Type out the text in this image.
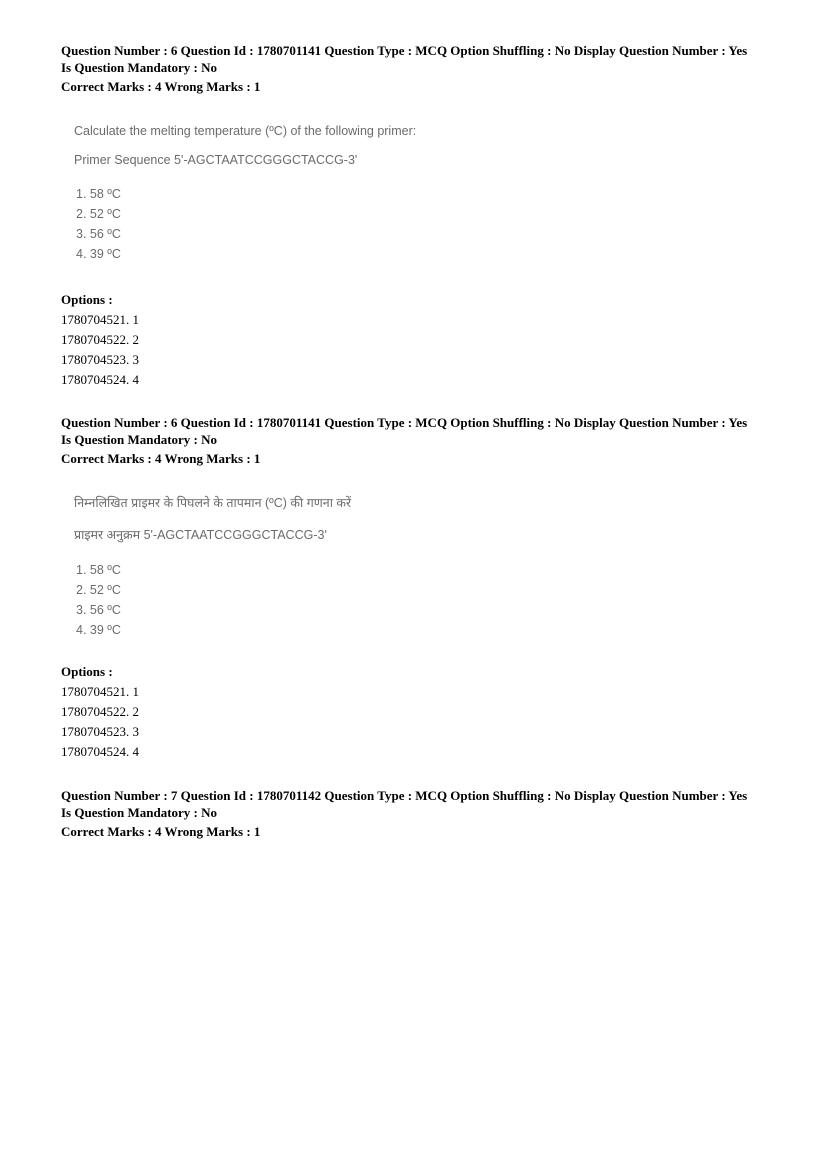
Question Number : 6 Question Id : 1780701141 Question Type : MCQ Option Shuffling : No Display Question Number : Yes
Is Question Mandatory : No
Correct Marks : 4 Wrong Marks : 1
Calculate the melting temperature (ºC) of the following primer:
Primer Sequence 5'-AGCTAATCCGGGCTACCG-3'
1. 58 ºC
2. 52 ºC
3. 56 ºC
4. 39 ºC
Options :
1780704521. 1
1780704522. 2
1780704523. 3
1780704524. 4
Question Number : 6 Question Id : 1780701141 Question Type : MCQ Option Shuffling : No Display Question Number : Yes
Is Question Mandatory : No
Correct Marks : 4 Wrong Marks : 1
निम्नलिखित प्राइमर के पिघलने के तापमान (ºC) की गणना करें
प्राइमर अनुक्रम 5'-AGCTAATCCGGGCTACCG-3'
1. 58 ºC
2. 52 ºC
3. 56 ºC
4. 39 ºC
Options :
1780704521. 1
1780704522. 2
1780704523. 3
1780704524. 4
Question Number : 7 Question Id : 1780701142 Question Type : MCQ Option Shuffling : No Display Question Number : Yes
Is Question Mandatory : No
Correct Marks : 4 Wrong Marks : 1
